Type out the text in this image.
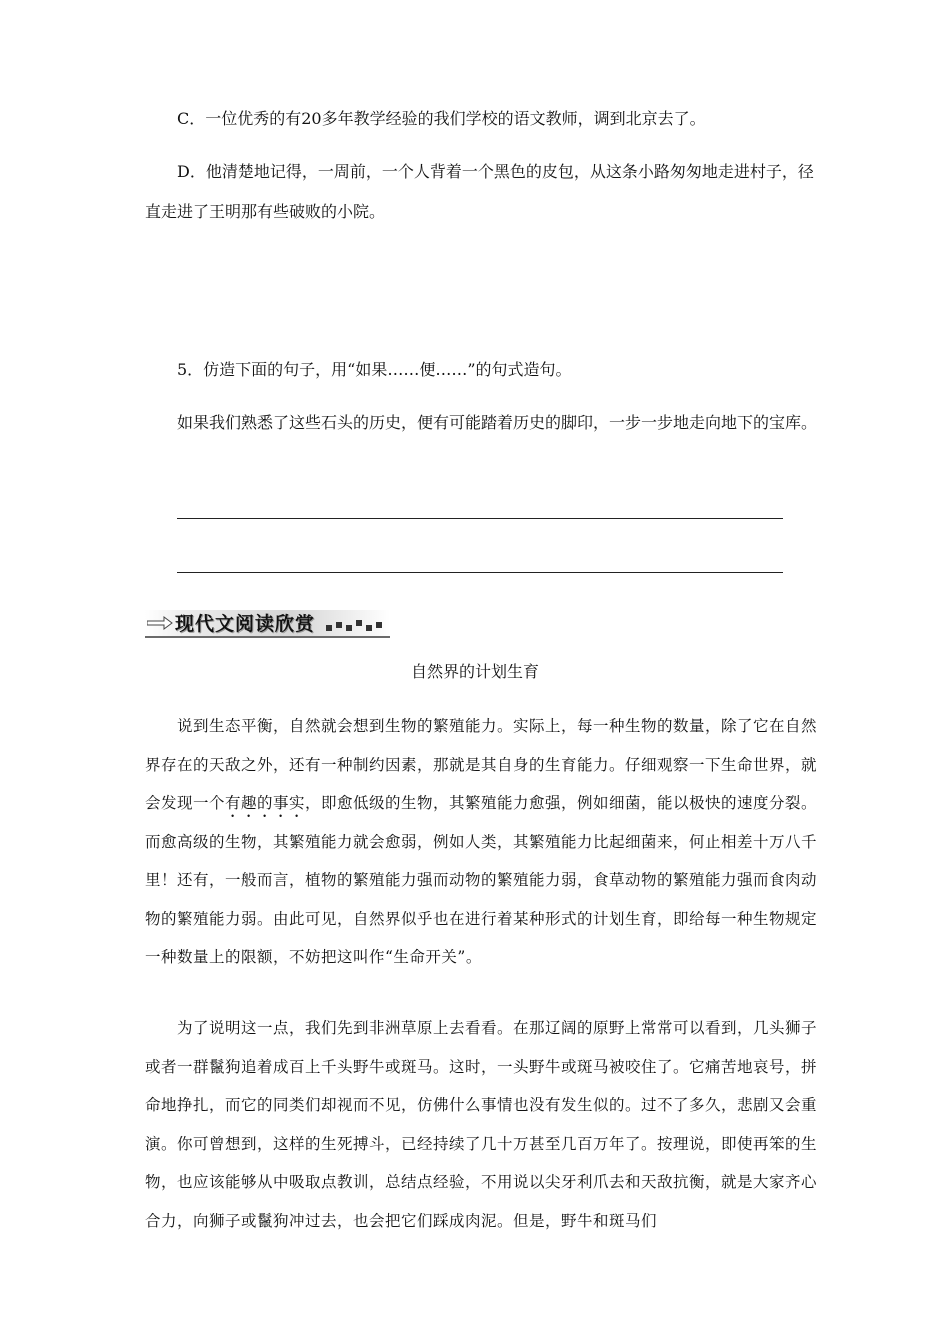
C．一位优秀的有20多年教学经验的我们学校的语文教师，调到北京去了。

D．他清楚地记得，一周前，一个人背着一个黑色的皮包，从这条小路匆匆地走进村子，径直走进了王明那有些破败的小院。

5．仿造下面的句子，用“如果……便……”的句式造句。

如果我们熟悉了这些石头的历史，便有可能踏着历史的脚印，一步一步地走向地下的宝库。

现代文阅读欣赏
自然界的计划生育

说到生态平衡，自然就会想到生物的繁殖能力。实际上，每一种生物的数量，除了它在自然界存在的天敌之外，还有一种制约因素，那就是其自身的生育能力。仔细观察一下生命世界，就会发现一个有趣的事实，即愈低级的生物，其繁殖能力愈强，例如细菌，能以极快的速度分裂。而愈高级的生物，其繁殖能力就会愈弱，例如人类，其繁殖能力比起细菌来，何止相差十万八千里！还有，一般而言，植物的繁殖能力强而动物的繁殖能力弱，食草动物的繁殖能力强而食肉动物的繁殖能力弱。由此可见，自然界似乎也在进行着某种形式的计划生育，即给每一种生物规定一种数量上的限额，不妨把这叫作“生命开关”。

为了说明这一点，我们先到非洲草原上去看看。在那辽阔的原野上常常可以看到，几头狮子或者一群鬣狗追着成百上千头野牛或斑马。这时，一头野牛或斑马被咬住了。它痛苦地哀号，拼命地挣扎，而它的同类们却视而不见，仿佛什么事情也没有发生似的。过不了多久，悲剧又会重演。你可曾想到，这样的生死搏斗，已经持续了几十万甚至几百万年了。按理说，即使再笨的生物，也应该能够从中吸取点教训，总结点经验，不用说以尖牙利爪去和天敌抗衡，就是大家齐心合力，向狮子或鬣狗冲过去，也会把它们踩成肉泥。但是，野牛和斑马们
